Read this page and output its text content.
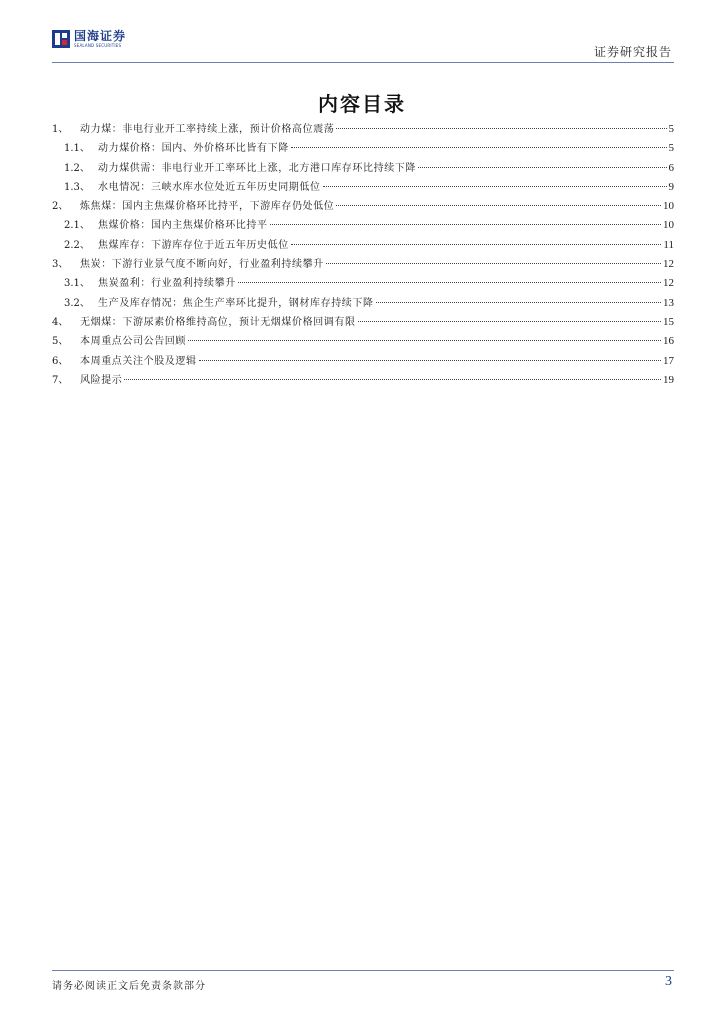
国海证券
SEALAND SECURITIES	证券研究报告
内容目录
1、	动力煤：非电行业开工率持续上涨，预计价格高位震荡	5
1.1、 动力煤价格：国内、外价格环比皆有下降	5
1.2、 动力煤供需：非电行业开工率环比上涨，北方港口库存环比持续下降	6
1.3、 水电情况：三峡水库水位处近五年历史同期低位	9
2、	炼焦煤：国内主焦煤价格环比持平，下游库存仍处低位	10
2.1、 焦煤价格：国内主焦煤价格环比持平	10
2.2、 焦煤库存：下游库存位于近五年历史低位	11
3、	焦炭：下游行业景气度不断向好，行业盈利持续攀升	12
3.1、 焦炭盈利：行业盈利持续攀升	12
3.2、 生产及库存情况：焦企生产率环比提升，钢材库存持续下降	13
4、	无烟煤：下游尿素价格维持高位，预计无烟煤价格回调有限	15
5、	本周重点公司公告回顾	16
6、	本周重点关注个股及逻辑	17
7、	风险提示	19
请务必阅读正文后免责条款部分	3
